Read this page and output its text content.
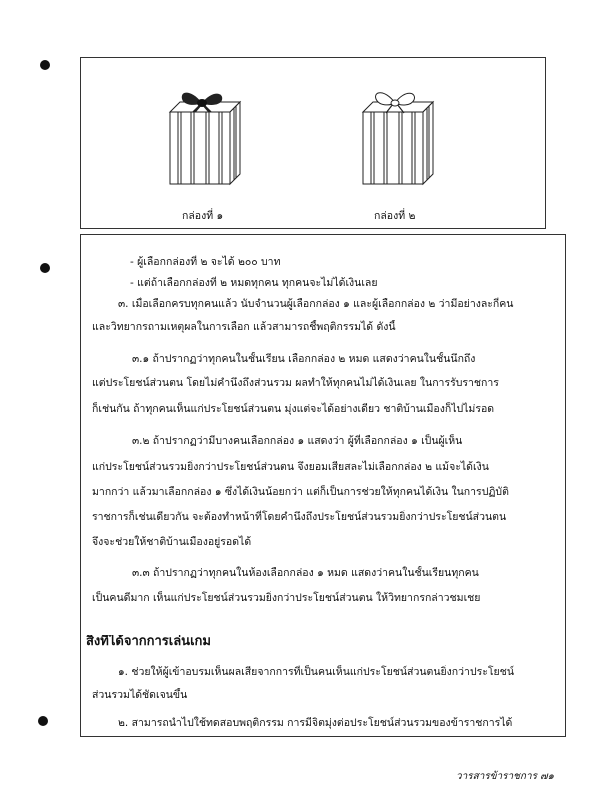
กล่องที่ ๑	กล่องที่ ๒
- ผู้เลือกกล่องที่ ๒ จะได้ ๒๐๐ บาท
- แต่ถ้าเลือกกล่องที่ ๒ หมดทุกคน ทุกคนจะไม่ได้เงินเลย
๓. เมื่อเลือกครบทุกคนแล้ว นับจำนวนผู้เลือกกล่อง ๑ และผู้เลือกกล่อง ๒ ว่ามีอย่างละกี่คน
และวิทยากรถามเหตุผลในการเลือก แล้วสามารถชี้พฤติกรรมได้ ดังนี้
๓.๑ ถ้าปรากฏว่าทุกคนในชั้นเรียน เลือกกล่อง ๒ หมด แสดงว่าคนในชั้นนึกถึง
แต่ประโยชน์ส่วนตน โดยไม่คำนึงถึงส่วนรวม ผลทำให้ทุกคนไม่ได้เงินเลย ในการรับราชการ
ก็เช่นกัน ถ้าทุกคนเห็นแก่ประโยชน์ส่วนตน มุ่งแต่จะได้อย่างเดียว ชาติบ้านเมืองก็ไปไม่รอด
๓.๒ ถ้าปรากฏว่ามีบางคนเลือกกล่อง ๑ แสดงว่า ผู้ที่เลือกกล่อง ๑ เป็นผู้เห็น
แก่ประโยชน์ส่วนรวมยิ่งกว่าประโยชน์ส่วนตน จึงยอมเสียสละไม่เลือกกล่อง ๒ แม้จะได้เงิน
มากกว่า แล้วมาเลือกกล่อง ๑ ซึ่งได้เงินน้อยกว่า แต่ก็เป็นการช่วยให้ทุกคนได้เงิน ในการปฏิบัติ
ราชการก็เช่นเดียวกัน จะต้องทำหน้าที่โดยคำนึงถึงประโยชน์ส่วนรวมยิ่งกว่าประโยชน์ส่วนตน
จึงจะช่วยให้ชาติบ้านเมืองอยู่รอดได้
๓.๓ ถ้าปรากฏว่าทุกคนในห้องเลือกกล่อง ๑ หมด แสดงว่าคนในชั้นเรียนทุกคน
เป็นคนดีมาก เห็นแก่ประโยชน์ส่วนรวมยิ่งกว่าประโยชน์ส่วนตน ให้วิทยากรกล่าวชมเชย
สิ่งที่ได้จากการเล่นเกม
๑. ช่วยให้ผู้เข้าอบรมเห็นผลเสียจากการที่เป็นคนเห็นแก่ประโยชน์ส่วนตนยิ่งกว่าประโยชน์
ส่วนรวมได้ชัดเจนขึ้น
๒. สามารถนำไปใช้ทดสอบพฤติกรรม การมีจิตมุ่งต่อประโยชน์ส่วนรวมของข้าราชการได้
วารสารข้าราชการ ๗๑
